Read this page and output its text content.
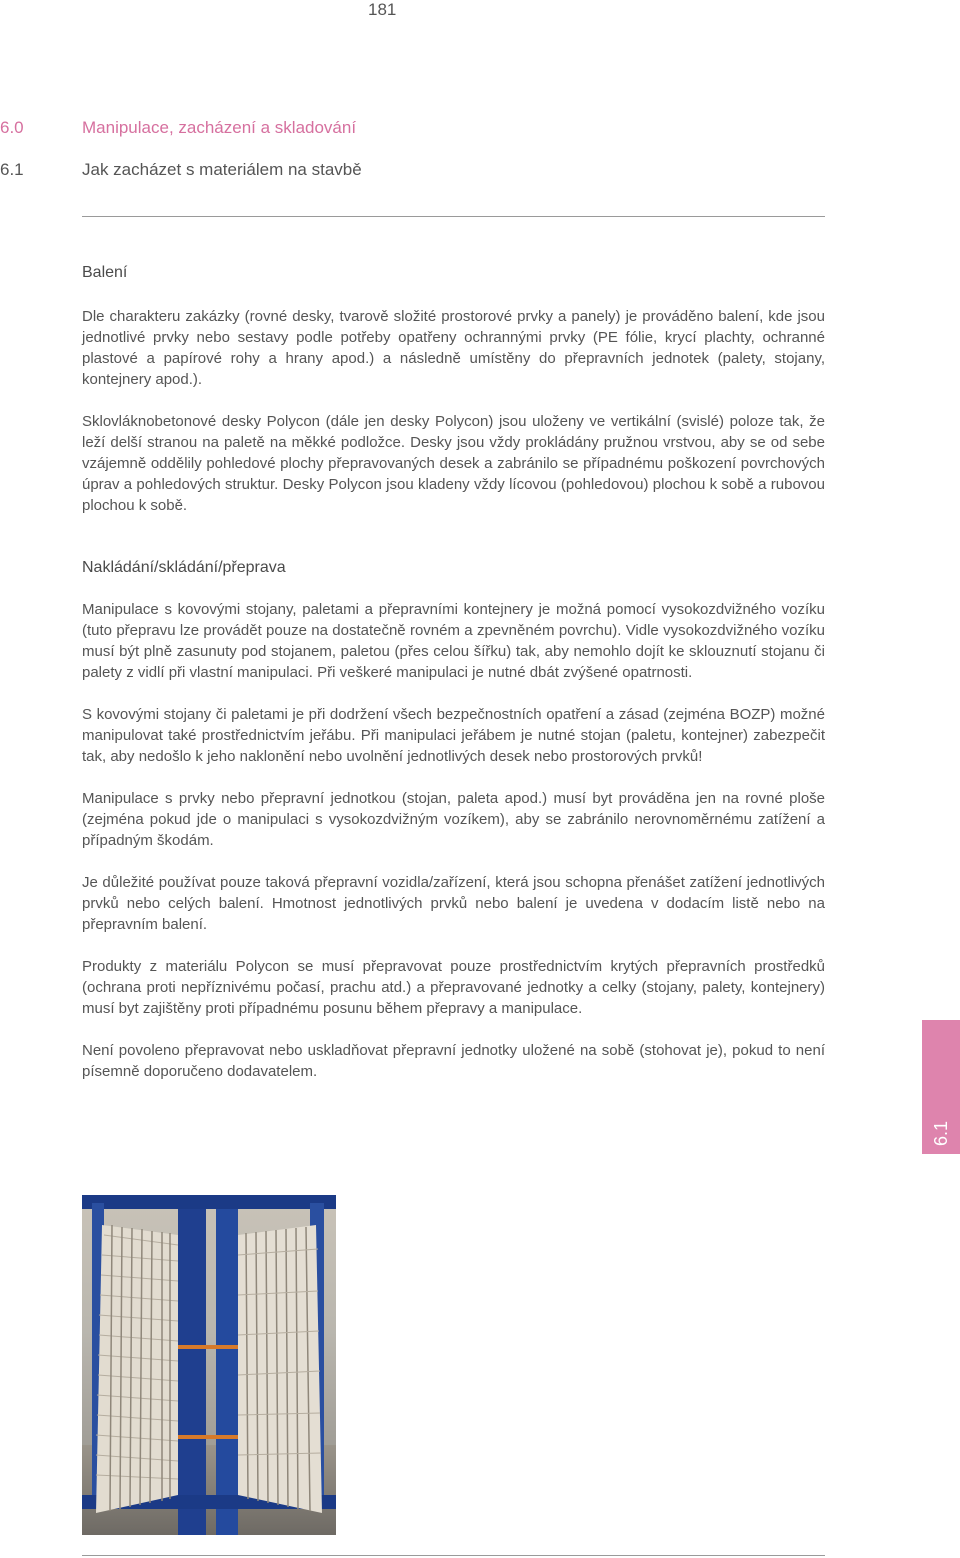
181
6.0	Manipulace, zacházení a skladování
6.1	Jak zacházet s materiálem na stavbě
Balení

Dle charakteru zakázky (rovné desky, tvarově složité prostorové prvky a panely) je prováděno balení, kde jsou jednotlivé prvky nebo sestavy podle potřeby opatřeny ochrannými prvky (PE fólie, krycí plachty, ochranné plastové a papírové rohy a hrany apod.) a následně umístěny do přepravních jednotek (palety, stojany, kontejnery apod.).

Sklovláknobetonové desky Polycon (dále jen desky Polycon) jsou uloženy ve vertikální (svislé) poloze tak, že leží delší stranou na paletě na měkké podložce. Desky jsou vždy prokládány pružnou vrstvou, aby se od sebe vzájemně oddělily pohledové plochy přepravovaných desek a zabránilo se případnému poškození povrchových úprav a pohledových struktur. Desky Polycon jsou kladeny vždy lícovou (pohledovou) plochou k sobě a rubovou plochou k sobě.

Nakládání/skládání/přeprava

Manipulace s kovovými stojany, paletami a přepravními kontejnery je možná pomocí vysokozdvižného vozíku (tuto přepravu lze provádět pouze na dostatečně rovném a zpevněném povrchu). Vidle vysokozdvižného vozíku musí být plně zasunuty pod stojanem, paletou (přes celou šířku) tak, aby nemohlo dojít ke sklouznutí stojanu či palety z vidlí při vlastní manipulaci. Při veškeré manipulaci je nutné dbát zvýšené opatrnosti.

S kovovými stojany či paletami je při dodržení všech bezpečnostních opatření a zásad (zejména BOZP) možné manipulovat také prostřednictvím jeřábu. Při manipulaci jeřábem je nutné stojan (paletu, kontejner) zabezpečit tak, aby nedošlo k jeho naklonění nebo uvolnění jednotlivých desek nebo prostorových prvků!

Manipulace s prvky nebo přepravní jednotkou (stojan, paleta apod.) musí byt prováděna jen na rovné ploše (zejména pokud jde o manipulaci s vysokozdvižným vozíkem), aby se zabránilo nerovnoměrnému zatížení a případným škodám.

Je důležité používat pouze taková přepravní vozidla/zařízení, která jsou schopna přenášet zatížení jednotlivých prvků nebo celých balení. Hmotnost jednotlivých prvků nebo balení je uvedena v dodacím listě nebo na přepravním balení.

Produkty z materiálu Polycon se musí přepravovat pouze prostřednictvím krytých přepravních prostředků (ochrana proti nepříznivému počasí, prachu atd.) a přepravované jednotky a celky (stojany, palety, kontejnery) musí byt zajištěny proti případnému posunu během přepravy a manipulace.

Není povoleno přepravovat nebo uskladňovat přepravní jednotky uložené na sobě (stohovat je), pokud to není písemně doporučeno dodavatelem.

6.1
